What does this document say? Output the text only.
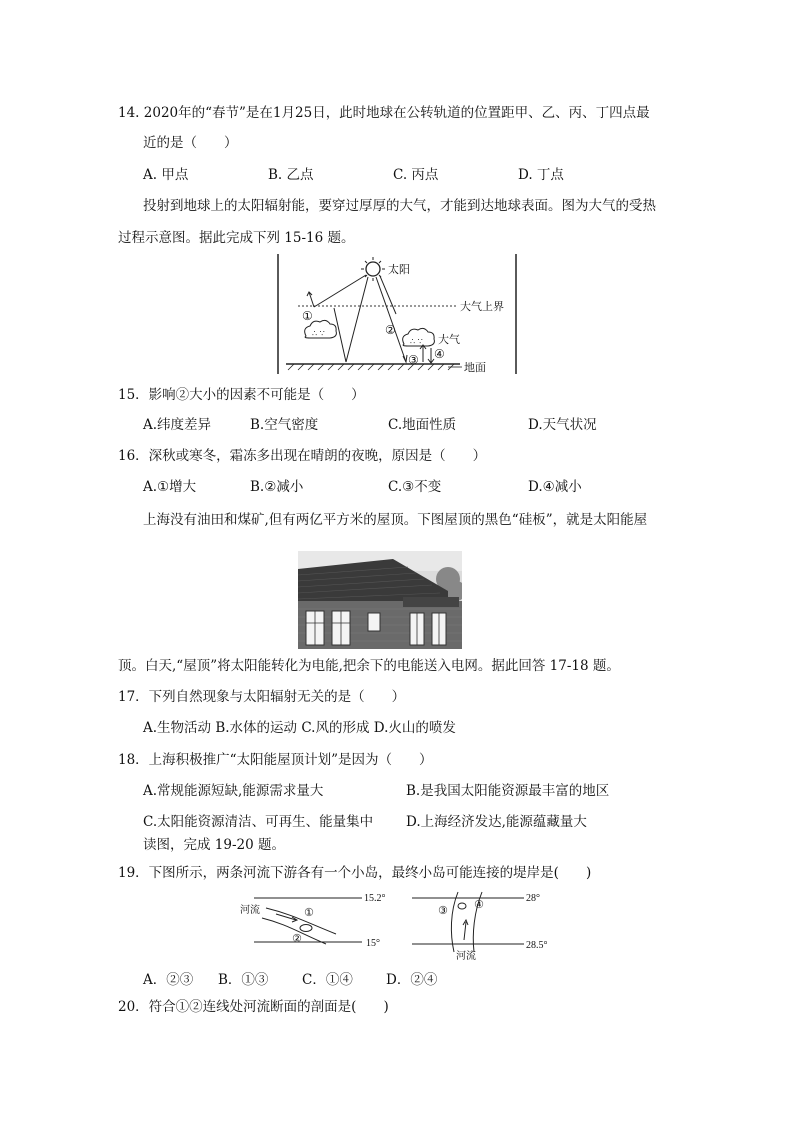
14. 2020年的“春节”是在1月25日，此时地球在公转轨道的位置距甲、乙、丙、丁四点最
近的是（　　）
A. 甲点	B. 乙点	C. 丙点	D. 丁点
投射到地球上的太阳辐射能，要穿过厚厚的大气，才能到达地球表面。图为大气的受热
过程示意图。据此完成下列 15-16 题。
太阳
大气上界
∴ ∵
∴ ∵ 大气
地面
①
②
③ ④
15．影响②大小的因素不可能是（　　）
A.纬度差异	B.空气密度	C.地面性质	D.天气状况
16．深秋或寒冬，霜冻多出现在晴朗的夜晚，原因是（　　）
A.①增大	B.②减小	C.③不变	D.④减小
上海没有油田和煤矿,但有两亿平方米的屋顶。下图屋顶的黑色“硅板”，就是太阳能屋
顶。白天,“屋顶”将太阳能转化为电能,把余下的电能送入电网。据此回答 17-18 题。
17．下列自然现象与太阳辐射无关的是（　　）
A.生物活动 B.水体的运动 C.风的形成 D.火山的喷发
18．上海积极推广“太阳能屋顶计划”是因为（　　）
A.常规能源短缺,能源需求量大	B.是我国太阳能资源最丰富的地区
C.太阳能资源清洁、可再生、能量集中 D.上海经济发达,能源蕴藏量大
读图，完成 19-20 题。
19．下图所示，两条河流下游各有一个小岛，最终小岛可能连接的堤岸是(　　)
15.2°
15°
河流	①
②
28°
28.5°
③ ④
河流
A．②③ B．①③ C．①④ D．②④
20．符合①②连线处河流断面的剖面是(　　)
